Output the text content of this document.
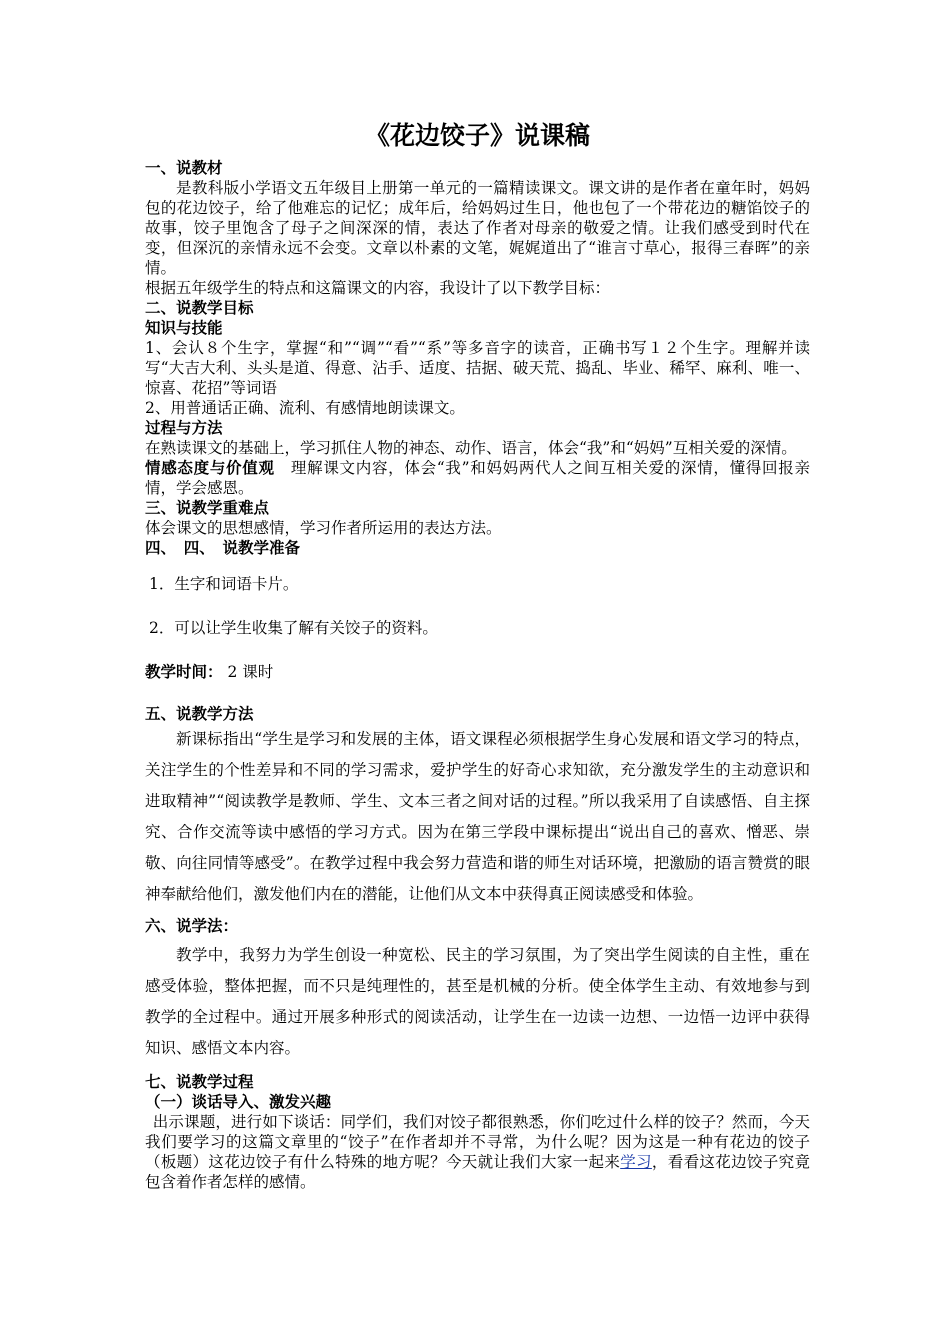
《花边饺子》说课稿

一、说教材

是教科版小学语文五年级目上册第一单元的一篇精读课文。课文讲的是作者在童年时，妈妈包的花边饺子，给了他难忘的记忆；成年后，给妈妈过生日，他也包了一个带花边的糖馅饺子的故事，饺子里饱含了母子之间深深的情，表达了作者对母亲的敬爱之情。让我们感受到时代在变，但深沉的亲情永远不会变。文章以朴素的文笔，娓娓道出了“谁言寸草心，报得三春晖”的亲情。

根据五年级学生的特点和这篇课文的内容，我设计了以下教学目标：

二、说教学目标

知识与技能

1、会认８个生字，掌握“和”“调”“看”“系”等多音字的读音，正确书写１２个生字。理解并读写“大吉大利、头头是道、得意、沾手、适度、拮据、破天荒、捣乱、毕业、稀罕、麻利、唯一、惊喜、花招”等词语

2、用普通话正确、流利、有感情地朗读课文。

过程与方法

在熟读课文的基础上，学习抓住人物的神态、动作、语言，体会“我”和“妈妈”互相关爱的深情。

情感态度与价值观　 理解课文内容，体会“我”和妈妈两代人之间互相关爱的深情，懂得回报亲情，学会感恩。

三、说教学重难点

体会课文的思想感情，学习作者所运用的表达方法。

四、　四、　说教学准备

1．生字和词语卡片。

2．可以让学生收集了解有关饺子的资料。

教学时间： 2 课时

五、说教学方法

新课标指出“学生是学习和发展的主体，语文课程必须根据学生身心发展和语文学习的特点，关注学生的个性差异和不同的学习需求，爱护学生的好奇心求知欲，充分激发学生的主动意识和进取精神”“阅读教学是教师、学生、文本三者之间对话的过程。”所以我采用了自读感悟、自主探究、合作交流等读中感悟的学习方式。因为在第三学段中课标提出“说出自己的喜欢、憎恶、崇敬、向往同情等感受”。在教学过程中我会努力营造和谐的师生对话环境，把激励的语言赞赏的眼神奉献给他们，激发他们内在的潜能，让他们从文本中获得真正阅读感受和体验。

六、说学法：

教学中，我努力为学生创设一种宽松、民主的学习氛围，为了突出学生阅读的自主性，重在感受体验，整体把握，而不只是纯理性的，甚至是机械的分析。使全体学生主动、有效地参与到教学的全过程中。通过开展多种形式的阅读活动，让学生在一边读一边想、一边悟一边评中获得知识、感悟文本内容。

七、说教学过程

（一）谈话导入、激发兴趣

出示课题，进行如下谈话：同学们，我们对饺子都很熟悉，你们吃过什么样的饺子？然而，今天我们要学习的这篇文章里的“饺子”在作者却并不寻常，为什么呢？因为这是一种有花边的饺子（板题）这花边饺子有什么特殊的地方呢？今天就让我们大家一起来学习，看看这花边饺子究竟包含着作者怎样的感情。
